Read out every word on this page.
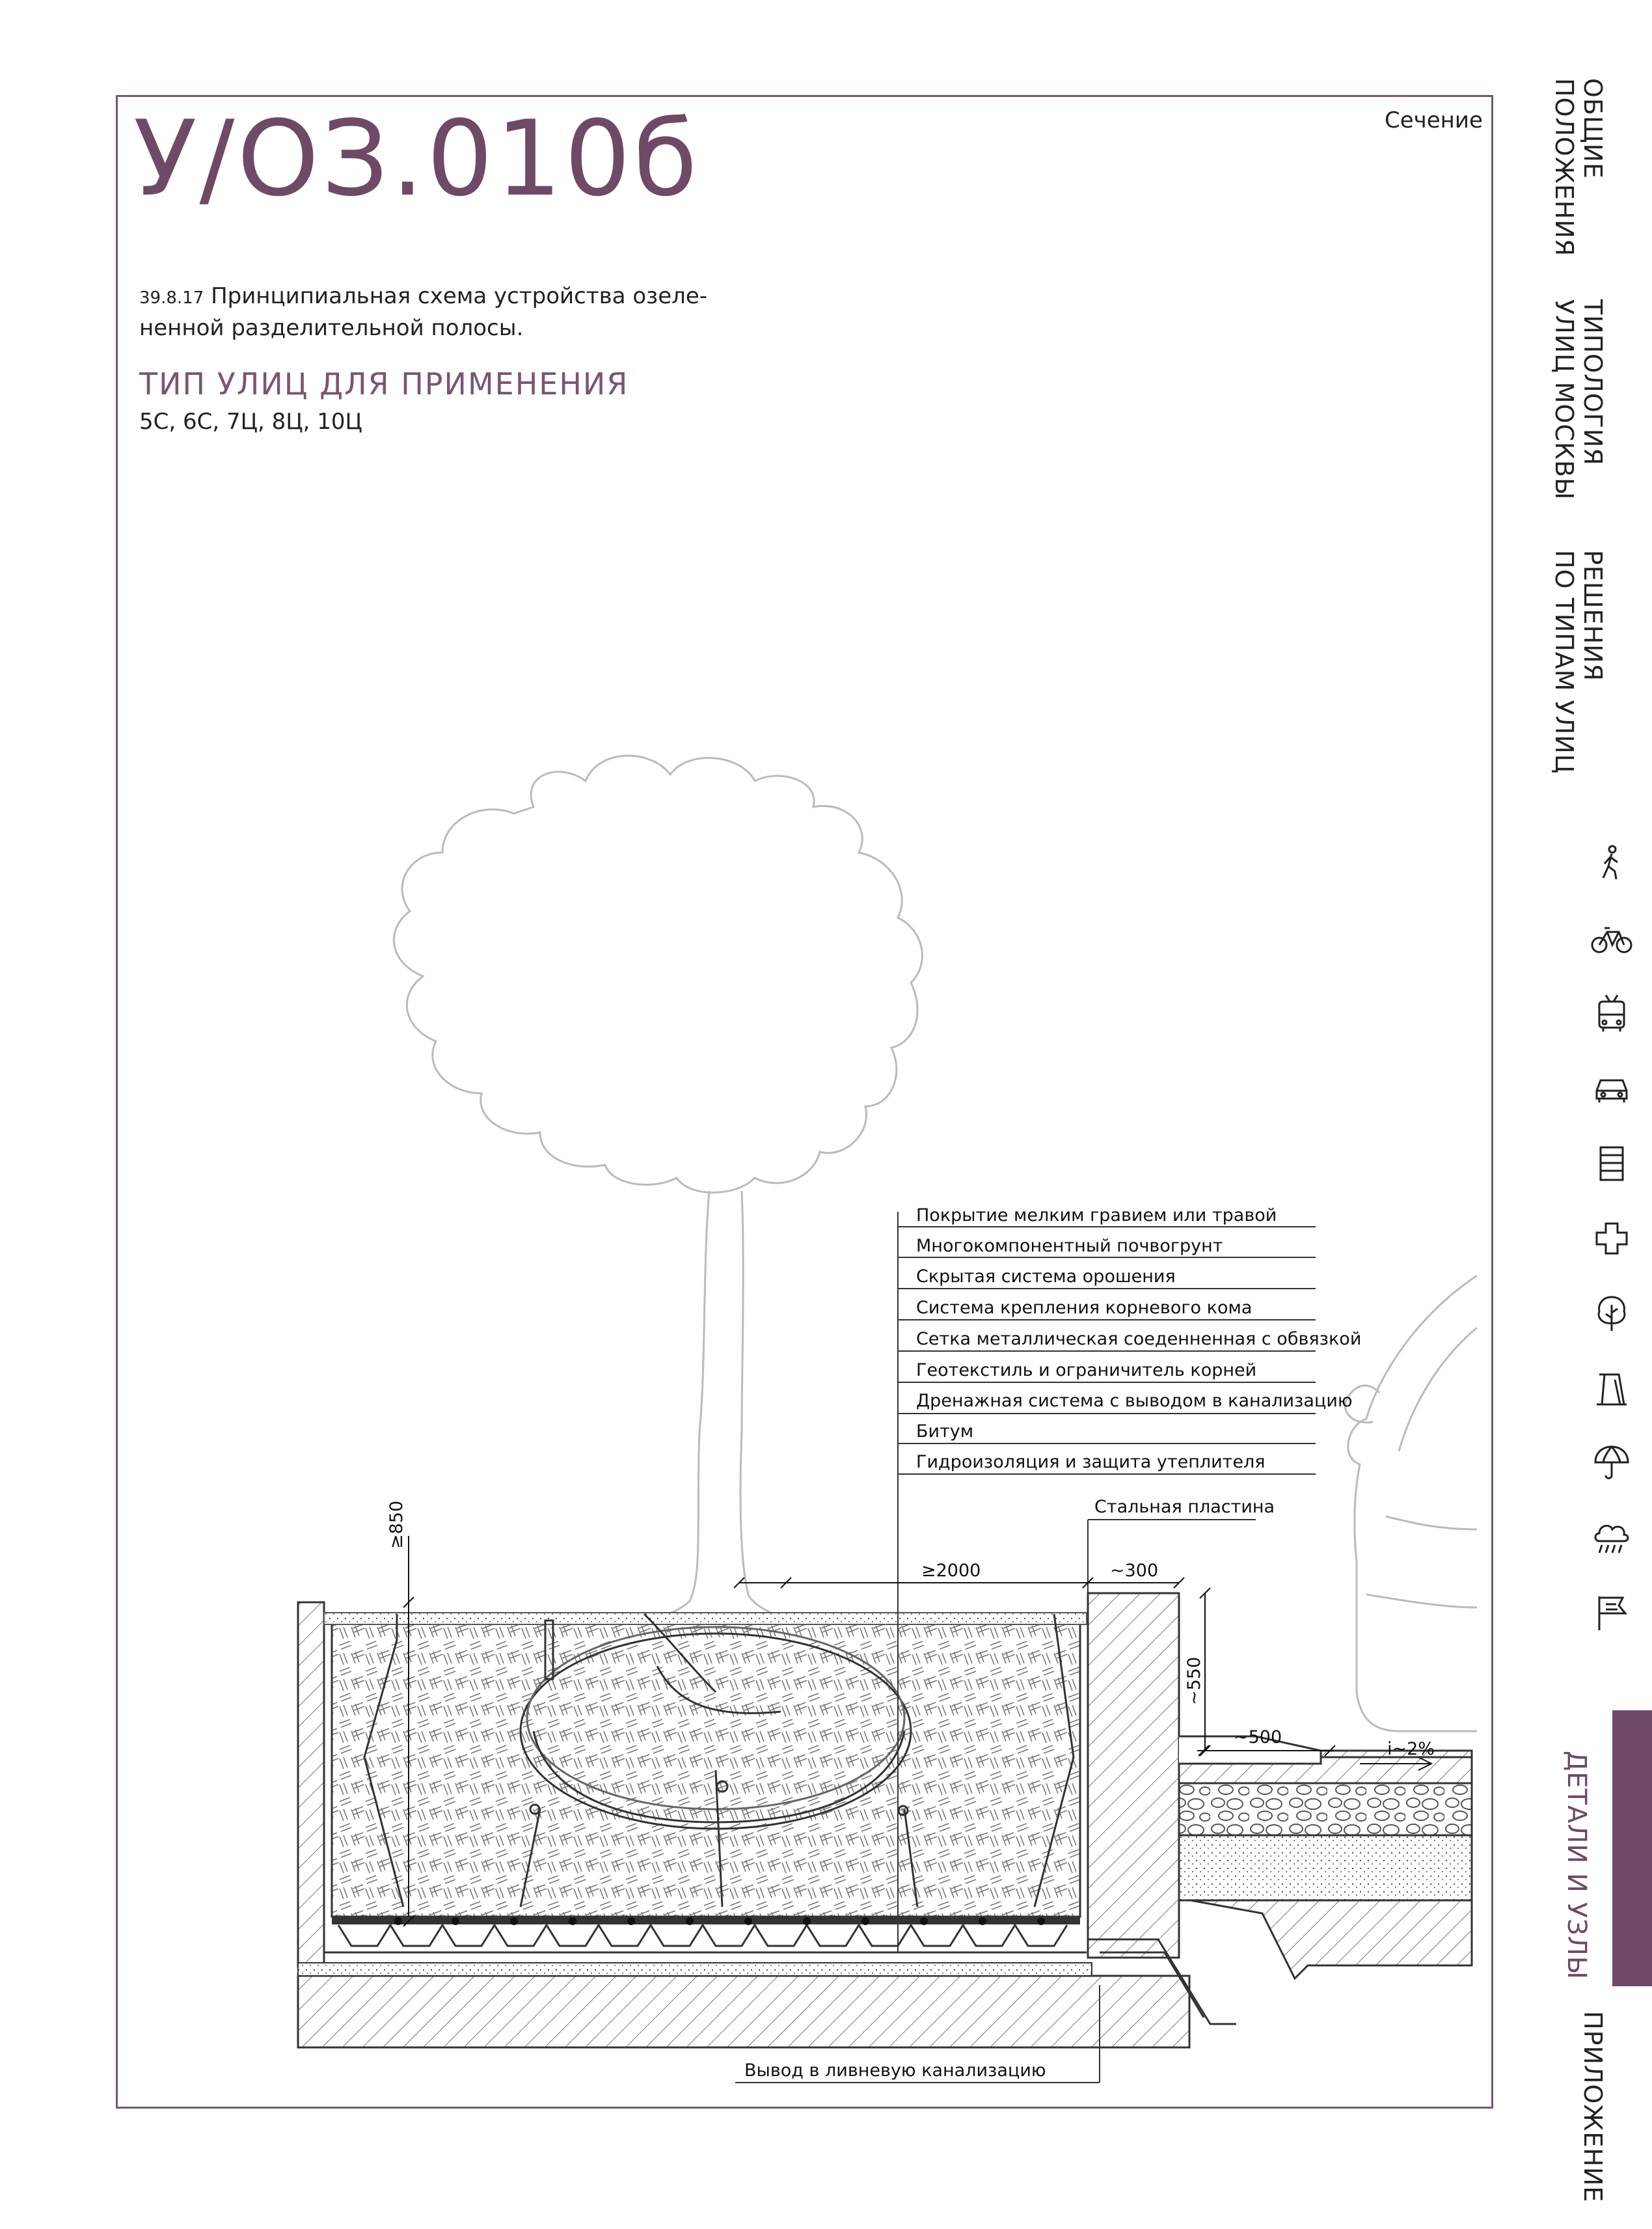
У/ОЗ.010б	Сечение
39.8.17 Принципиальная схема устройства озеле-
ненной разделительной полосы.
ТИП УЛИЦ ДЛЯ ПРИМЕНЕНИЯ
5С, 6С, 7Ц, 8Ц, 10Ц
ОБЩИЕ
ПОЛОЖЕНИЯ
ТИПОЛОГИЯ
УЛИЦ МОСКВЫ
РЕШЕНИЯ
ПО ТИПАМ УЛИЦ
ДЕТАЛИ И УЗЛЫ
ПРИЛОЖЕНИЕ
Покрытие мелким гравием или травой
Многокомпонентный почвогрунт
Скрытая система орошения
Система крепления корневого кома
Сетка металлическая соеденненная с обвязкой
Геотекстиль и ограничитель корней
Дренажная система с выводом в канализацию
Битум
Гидроизоляция и защита утеплителя
Стальная пластина
Вывод в ливневую канализацию
≥850
≥2000	~300
~550
~500
i~2%
